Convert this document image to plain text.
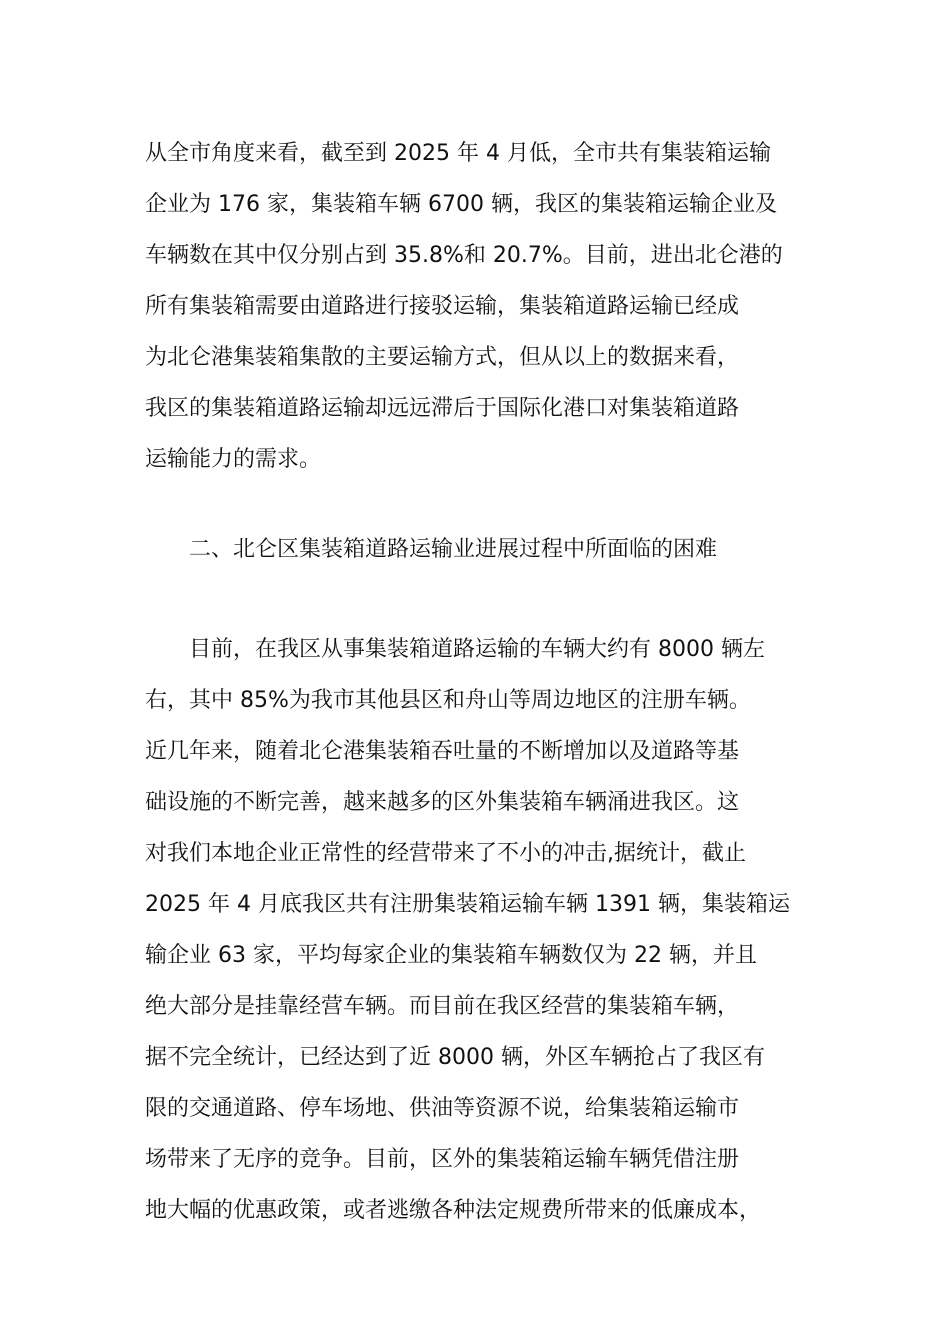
从全市角度来看，截至到 2025 年 4 月低，全市共有集装箱运输
企业为 176 家，集装箱车辆 6700 辆，我区的集装箱运输企业及
车辆数在其中仅分别占到 35.8%和 20.7%。目前，进出北仑港的
所有集装箱需要由道路进行接驳运输，集装箱道路运输已经成
为北仑港集装箱集散的主要运输方式，但从以上的数据来看，
我区的集装箱道路运输却远远滞后于国际化港口对集装箱道路
运输能力的需求。
　　二、北仑区集装箱道路运输业进展过程中所面临的困难
　　目前，在我区从事集装箱道路运输的车辆大约有 8000 辆左
右，其中 85%为我市其他县区和舟山等周边地区的注册车辆。
近几年来，随着北仑港集装箱吞吐量的不断增加以及道路等基
础设施的不断完善，越来越多的区外集装箱车辆涌进我区。这
对我们本地企业正常性的经营带来了不小的冲击,据统计，截止
2025 年 4 月底我区共有注册集装箱运输车辆 1391 辆，集装箱运
输企业 63 家，平均每家企业的集装箱车辆数仅为 22 辆，并且
绝大部分是挂靠经营车辆。而目前在我区经营的集装箱车辆，
据不完全统计，已经达到了近 8000 辆，外区车辆抢占了我区有
限的交通道路、停车场地、供油等资源不说，给集装箱运输市
场带来了无序的竞争。目前，区外的集装箱运输车辆凭借注册
地大幅的优惠政策，或者逃缴各种法定规费所带来的低廉成本，
